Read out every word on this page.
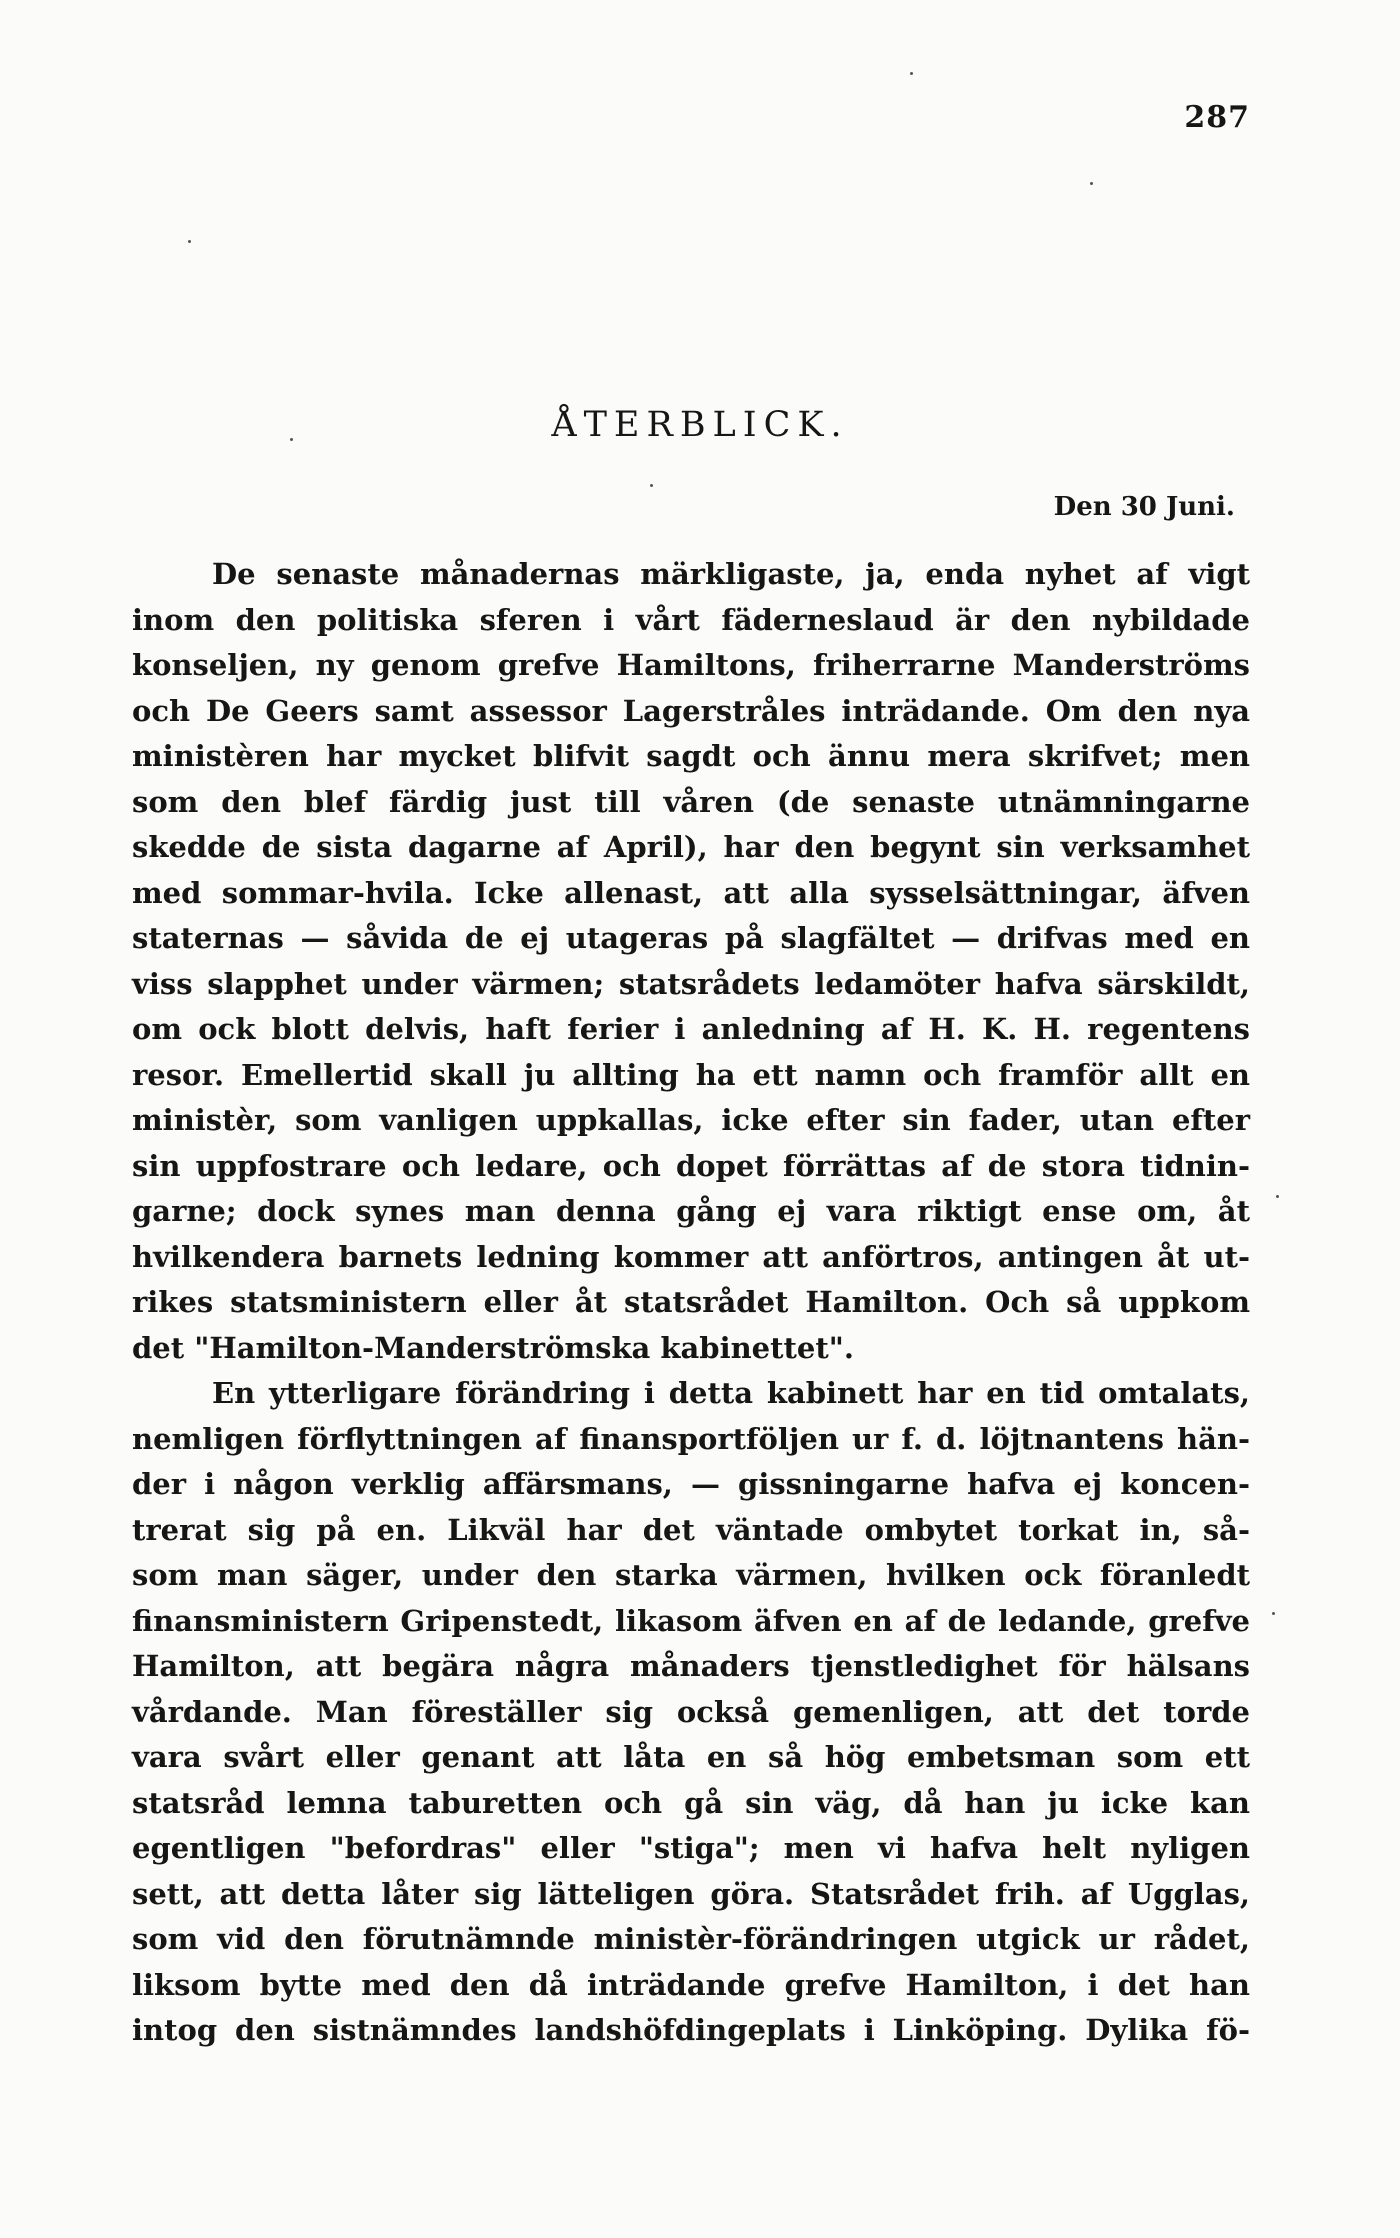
287
ÅTERBLICK.
Den 30 Juni.
De senaste månadernas märkligaste, ja, enda nyhet af vigt
inom den politiska sferen i vårt fäderneslaud är den nybildade
konseljen, ny genom grefve Hamiltons, friherrarne Manderströms
och De Geers samt assessor Lagerstråles inträdande. Om den nya
ministèren har mycket blifvit sagdt och ännu mera skrifvet; men
som den blef färdig just till våren (de senaste utnämningarne
skedde de sista dagarne af April), har den begynt sin verksamhet
med sommar-hvila. Icke allenast, att alla sysselsättningar, äfven
staternas — såvida de ej utageras på slagfältet — drifvas med en
viss slapphet under värmen; statsrådets ledamöter hafva särskildt,
om ock blott delvis, haft ferier i anledning af H. K. H. regentens
resor. Emellertid skall ju allting ha ett namn och framför allt en
ministèr, som vanligen uppkallas, icke efter sin fader, utan efter
sin uppfostrare och ledare, och dopet förrättas af de stora tidnin-
garne; dock synes man denna gång ej vara riktigt ense om, åt
hvilkendera barnets ledning kommer att anförtros, antingen åt ut-
rikes statsministern eller åt statsrådet Hamilton. Och så uppkom
det "Hamilton-Manderströmska kabinettet".
En ytterligare förändring i detta kabinett har en tid omtalats,
nemligen förflyttningen af finansportföljen ur f. d. löjtnantens hän-
der i någon verklig affärsmans, — gissningarne hafva ej koncen-
trerat sig på en. Likväl har det väntade ombytet torkat in, så-
som man säger, under den starka värmen, hvilken ock föranledt
finansministern Gripenstedt, likasom äfven en af de ledande, grefve
Hamilton, att begära några månaders tjenstledighet för hälsans
vårdande. Man föreställer sig också gemenligen, att det torde
vara svårt eller genant att låta en så hög embetsman som ett
statsråd lemna taburetten och gå sin väg, då han ju icke kan
egentligen "befordras" eller "stiga"; men vi hafva helt nyligen
sett, att detta låter sig lätteligen göra. Statsrådet frih. af Ugglas,
som vid den förutnämnde ministèr-förändringen utgick ur rådet,
liksom bytte med den då inträdande grefve Hamilton, i det han
intog den sistnämndes landshöfdingeplats i Linköping. Dylika fö-
